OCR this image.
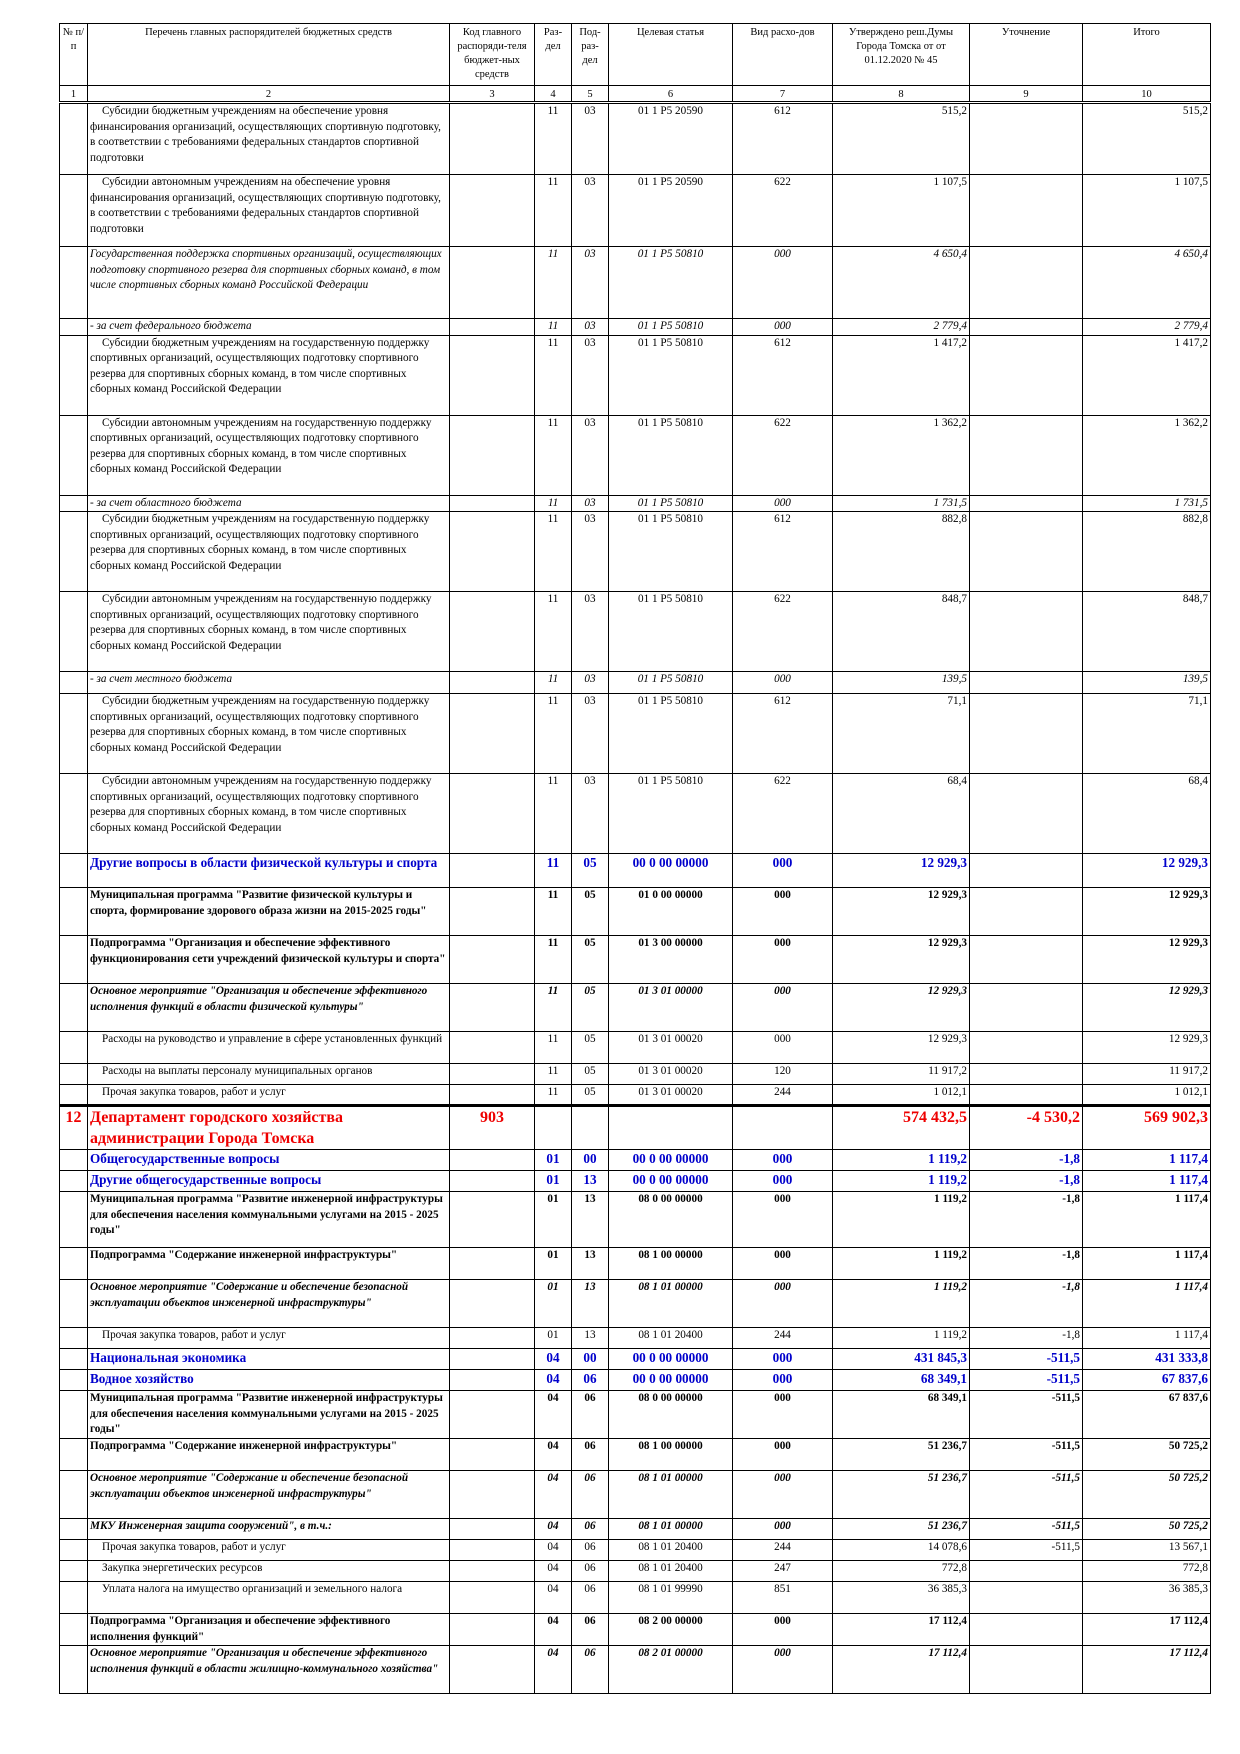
№ п/п	Перечень главных распорядителей бюджетных средств	Код главного распоряди-теля бюджет-ных средств	Раз-дел	Под-раз-дел	Целевая статья	Вид расхо-дов	Утверждено реш.Думы Города Томска от от 01.12.2020 № 45	Уточнение	Итого
1	2	3	4	5	6	7	8	9	10
	Субсидии бюджетным учреждениям на обеспечение уровня финансирования организаций, осуществляющих спортивную подготовку, в соответствии с требованиями федеральных стандартов спортивной подготовки		11	03	01 1 P5 20590	612	515,2		515,2
	Субсидии автономным учреждениям на обеспечение уровня финансирования организаций, осуществляющих спортивную подготовку, в соответствии с требованиями федеральных стандартов спортивной подготовки		11	03	01 1 P5 20590	622	1 107,5		1 107,5
	Государственная поддержка спортивных организаций, осуществляющих подготовку спортивного резерва для спортивных сборных команд, в том числе спортивных сборных команд Российской Федерации		11	03	01 1 P5 50810	000	4 650,4		4 650,4
	- за счет федерального бюджета		11	03	01 1 P5 50810	000	2 779,4		2 779,4
	Субсидии бюджетным учреждениям на государственную поддержку спортивных организаций, осуществляющих подготовку спортивного резерва для спортивных сборных команд, в том числе спортивных сборных команд Российской Федерации		11	03	01 1 P5 50810	612	1 417,2		1 417,2
	Субсидии автономным учреждениям на государственную поддержку спортивных организаций, осуществляющих подготовку спортивного резерва для спортивных сборных команд, в том числе спортивных сборных команд Российской Федерации		11	03	01 1 P5 50810	622	1 362,2		1 362,2
	- за счет областного бюджета		11	03	01 1 P5 50810	000	1 731,5		1 731,5
	Субсидии бюджетным учреждениям на государственную поддержку спортивных организаций, осуществляющих подготовку спортивного резерва для спортивных сборных команд, в том числе спортивных сборных команд Российской Федерации		11	03	01 1 P5 50810	612	882,8		882,8
	Субсидии автономным учреждениям на государственную поддержку спортивных организаций, осуществляющих подготовку спортивного резерва для спортивных сборных команд, в том числе спортивных сборных команд Российской Федерации		11	03	01 1 P5 50810	622	848,7		848,7
	- за счет местного бюджета		11	03	01 1 P5 50810	000	139,5		139,5
	Субсидии бюджетным учреждениям на государственную поддержку спортивных организаций, осуществляющих подготовку спортивного резерва для спортивных сборных команд, в том числе спортивных сборных команд Российской Федерации		11	03	01 1 P5 50810	612	71,1		71,1
	Субсидии автономным учреждениям на государственную поддержку спортивных организаций, осуществляющих подготовку спортивного резерва для спортивных сборных команд, в том числе спортивных сборных команд Российской Федерации		11	03	01 1 P5 50810	622	68,4		68,4
	Другие вопросы в области физической культуры и спорта		11	05	00 0 00 00000	000	12 929,3		12 929,3
	Муниципальная программа "Развитие физической культуры и спорта, формирование здорового образа жизни на 2015-2025 годы"		11	05	01 0 00 00000	000	12 929,3		12 929,3
	Подпрограмма "Организация и обеспечение эффективного функционирования сети учреждений физической культуры и спорта"		11	05	01 3 00 00000	000	12 929,3		12 929,3
	Основное мероприятие "Организация и обеспечение эффективного исполнения функций в области физической культуры"		11	05	01 3 01 00000	000	12 929,3		12 929,3
	Расходы на руководство и управление в сфере установленных функций		11	05	01 3 01 00020	000	12 929,3		12 929,3
	Расходы на выплаты персоналу муниципальных органов		11	05	01 3 01 00020	120	11 917,2		11 917,2
	Прочая закупка товаров, работ и услуг		11	05	01 3 01 00020	244	1 012,1		1 012,1
12	Департамент городского хозяйства администрации Города Томска	903					574 432,5	-4 530,2	569 902,3
	Общегосударственные вопросы		01	00	00 0 00 00000	000	1 119,2	-1,8	1 117,4
	Другие общегосударственные вопросы		01	13	00 0 00 00000	000	1 119,2	-1,8	1 117,4
	Муниципальная программа "Развитие инженерной инфраструктуры для обеспечения населения коммунальными услугами на 2015 - 2025 годы"		01	13	08 0 00 00000	000	1 119,2	-1,8	1 117,4
	Подпрограмма "Содержание инженерной инфраструктуры"		01	13	08 1 00 00000	000	1 119,2	-1,8	1 117,4
	Основное мероприятие "Содержание и обеспечение безопасной эксплуатации объектов инженерной инфраструктуры"		01	13	08 1 01 00000	000	1 119,2	-1,8	1 117,4
	Прочая закупка товаров, работ и услуг		01	13	08 1 01 20400	244	1 119,2	-1,8	1 117,4
	Национальная экономика		04	00	00 0 00 00000	000	431 845,3	-511,5	431 333,8
	Водное хозяйство		04	06	00 0 00 00000	000	68 349,1	-511,5	67 837,6
	Муниципальная программа "Развитие инженерной инфраструктуры для обеспечения населения коммунальными услугами на 2015 - 2025 годы"		04	06	08 0 00 00000	000	68 349,1	-511,5	67 837,6
	Подпрограмма "Содержание инженерной инфраструктуры"		04	06	08 1 00 00000	000	51 236,7	-511,5	50 725,2
	Основное мероприятие "Содержание и обеспечение безопасной эксплуатации объектов инженерной инфраструктуры"		04	06	08 1 01 00000	000	51 236,7	-511,5	50 725,2
	МКУ Инженерная защита сооружений", в т.ч.:		04	06	08 1 01 00000	000	51 236,7	-511,5	50 725,2
	Прочая закупка товаров, работ и услуг		04	06	08 1 01 20400	244	14 078,6	-511,5	13 567,1
	Закупка энергетических ресурсов		04	06	08 1 01 20400	247	772,8		772,8
	Уплата налога на имущество организаций и земельного налога		04	06	08 1 01 99990	851	36 385,3		36 385,3
	Подпрограмма "Организация и обеспечение эффективного исполнения функций"		04	06	08 2 00 00000	000	17 112,4		17 112,4
	Основное мероприятие "Организация и обеспечение эффективного исполнения функций в области жилищно-коммунального хозяйства"		04	06	08 2 01 00000	000	17 112,4		17 112,4
